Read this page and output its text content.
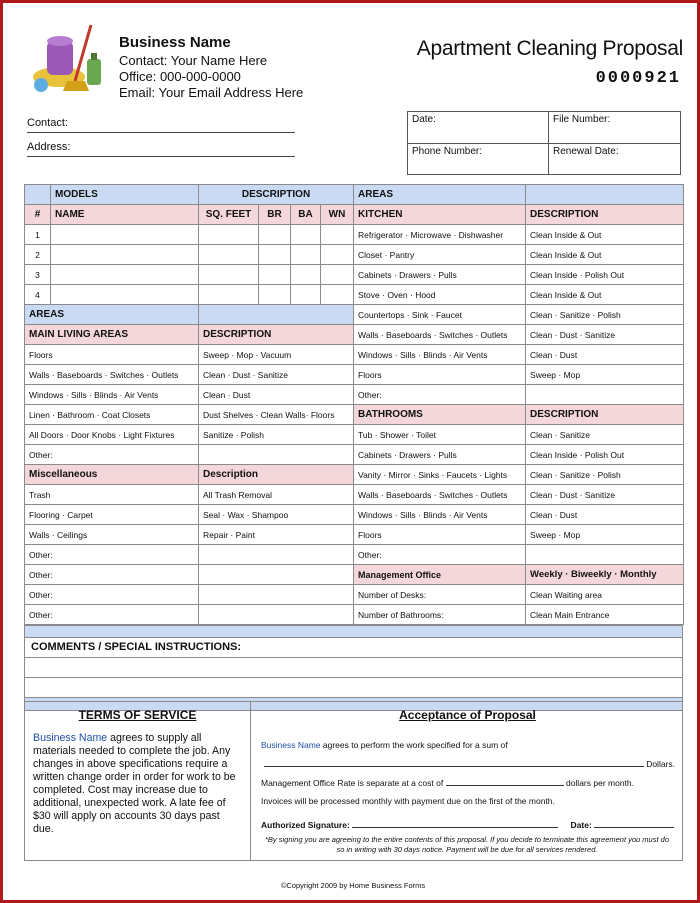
Business Name
Contact: Your Name Here
Office: 000-000-0000
Email: Your Email Address Here
Apartment Cleaning Proposal
0000921
Contact:
Address:
Date:	File Number:
Phone Number:	Renewal Date:
	MODELS	DESCRIPTION				AREAS	
#	NAME	SQ. FEET	BR	BA	WN	KITCHEN	DESCRIPTION
1						Refrigerator · Microwave · Dishwasher	Clean Inside & Out
2						Closet · Pantry	Clean Inside & Out
3						Cabinets · Drawers · Pulls	Clean Inside · Polish Out
4						Stove · Oven · Hood	Clean Inside & Out
AREAS						Countertops · Sink · Faucet	Clean · Sanitize · Polish
MAIN LIVING AREAS		DESCRIPTION				Walls · Baseboards · Switches · Outlets	Clean · Dust · Sanitize
Floors		Sweep · Mop · Vacuum				Windows · Sills · Blinds · Air Vents	Clean · Dust
Walls · Baseboards · Switches · Outlets		Clean · Dust · Sanitize				Floors	Sweep · Mop
Windows · Sills · Blinds · Air Vents		Clean · Dust				Other:	
Linen · Bathroom · Coat Closets		Dust Shelves · Clean Walls· Floors				BATHROOMS	DESCRIPTION
All Doors · Door Knobs · Light Fixtures		Sanitize · Polish				Tub · Shower · Toilet	Clean · Sanitize
Other:						Cabinets · Drawers · Pulls	Clean Inside · Polish Out
Miscellaneous		Description				Vanity · Mirror · Sinks · Faucets · Lights	Clean · Sanitize · Polish
Trash		All Trash Removal				Walls · Baseboards · Switches · Outlets	Clean · Dust · Sanitize
Flooring · Carpet		Seal · Wax · Shampoo				Windows · Sills · Blinds · Air Vents	Clean · Dust
Walls · Ceilings		Repair · Paint				Floors	Sweep · Mop
Other:						Other:	
Other:						Management Office	Weekly · Biweekly · Monthly
Other:						Number of Desks:	Clean Waiting area
Other:						Number of Bathrooms:	Clean Main Entrance
COMMENTS / SPECIAL INSTRUCTIONS:
TERMS OF SERVICE

Business Name agrees to supply all materials needed to complete the job. Any changes in above specifications require a written change order in order for work to be completed. Cost may increase due to additional, unexpected work. A late fee of $30 will apply on accounts 30 days past due.

Acceptance of Proposal
Business Name agrees to perform the work specified for a sum of
Dollars.
Management Office Rate is separate at a cost of	dollars per month.
Invoices will be processed monthly with payment due on the first of the month.
Authorized Signature:	Date:
*By signing you are agreeing to the entire contents of this proposal. If you decide to terminate this agreement you must do so in writing with 30 days notice. Payment will be due for all services rendered.
©Copyright 2009 by Home Business Forms
